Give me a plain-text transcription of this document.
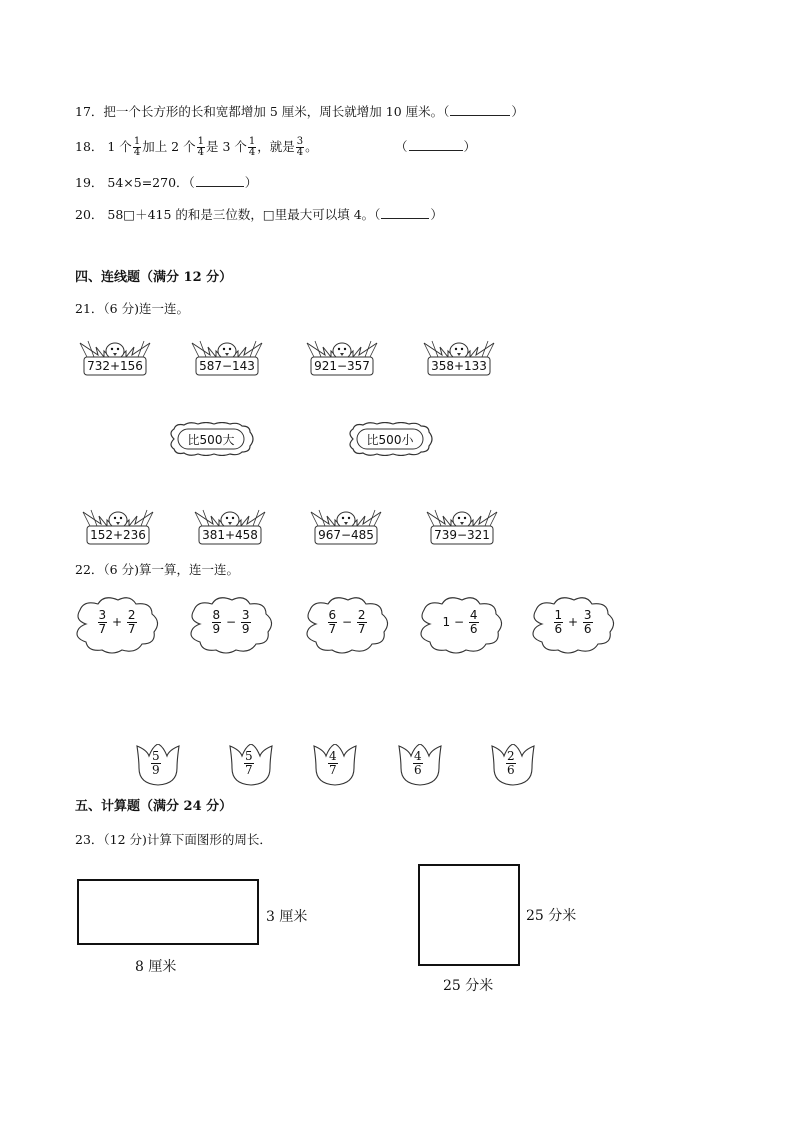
17．把一个长方形的长和宽都增加 5 厘米，周长就增加 10 厘米。（	）
18． 1 个 $\frac{1}{4}$ 加上 2 个 $\frac{1}{4}$ 是 3 个 $\frac{1}{4}$ ，就是 $\frac{3}{4}$ 。	（	）
19． 54×5=270．（	）
20． 58□＋415 的和是三位数，□里最大可以填 4。（	）
四、连线题（满分 12 分）
21．（6 分)连一连。
732+156	587−143	921−357	358+133
比500大	比500小
152+236	381+458	967−485	739−321
22．（6 分)算一算，连一连。
$\frac{3}{7} + \frac{2}{7}$	$\frac{8}{9} - \frac{3}{9}$	$\frac{6}{7} - \frac{2}{7}$	$1 - \frac{4}{6}$	$\frac{1}{6} + \frac{3}{6}$
$\frac{5}{9}$	$\frac{5}{7}$	$\frac{4}{7}$	$\frac{4}{6}$	$\frac{2}{6}$
五、计算题（满分 24 分）
23．（12 分)计算下面图形的周长．
3 厘米
8 厘米
25 分米
25 分米
